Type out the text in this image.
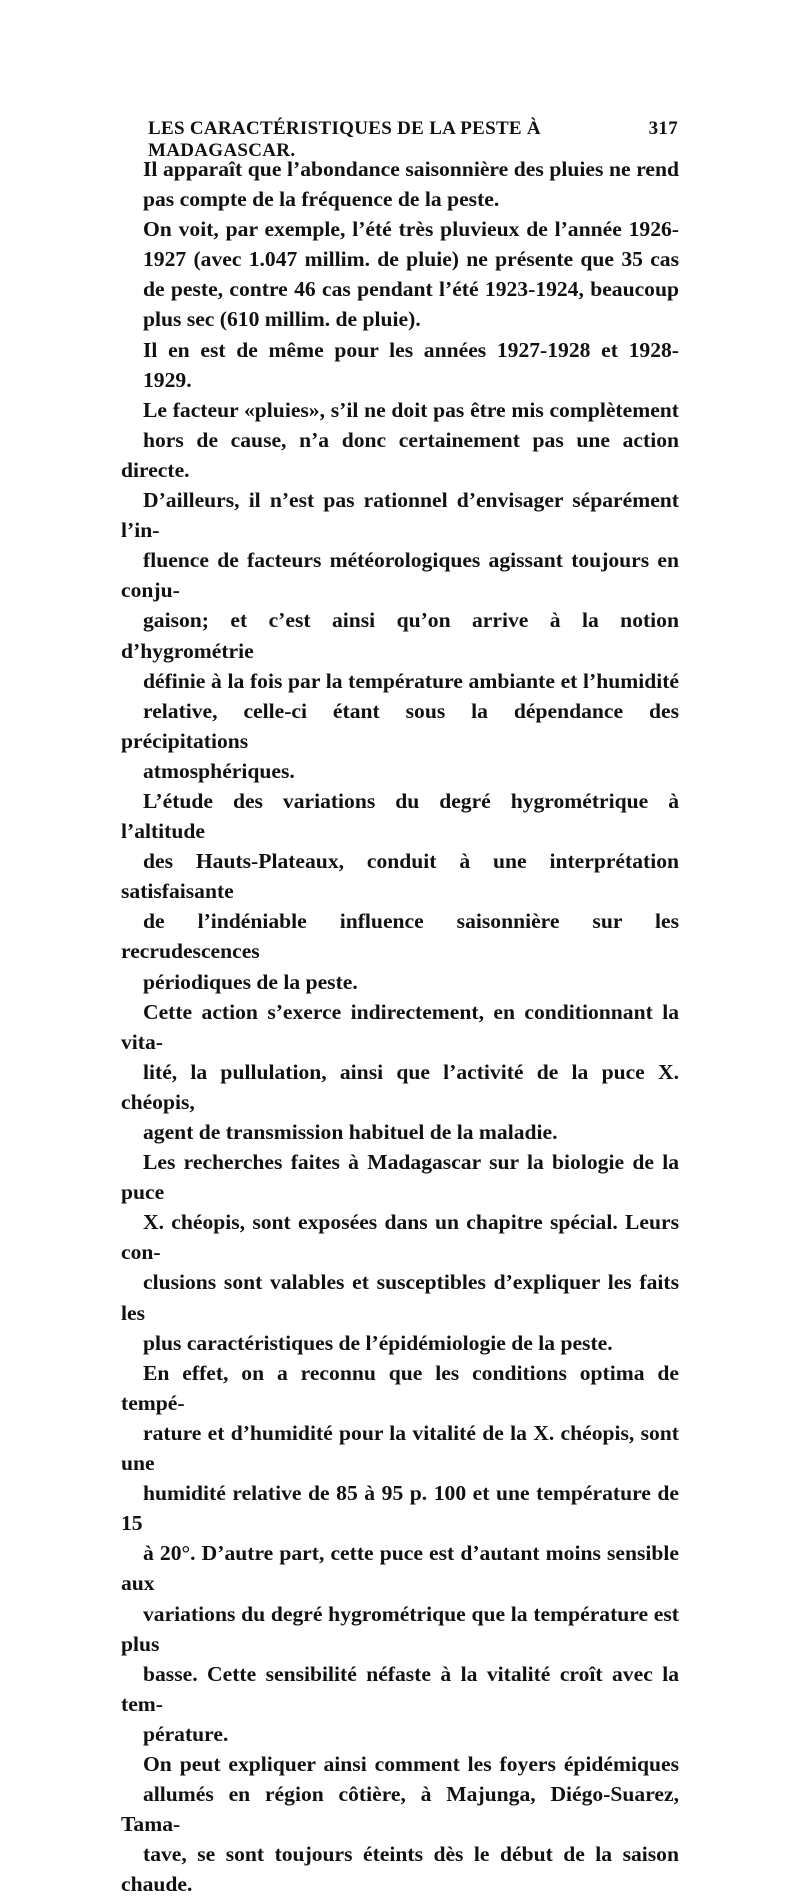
LES CARACTÉRISTIQUES DE LA PESTE À MADAGASCAR.
317

Il apparaît que l’abondance saisonnière des pluies ne rend
pas compte de la fréquence de la peste.

On voit, par exemple, l’été très pluvieux de l’année 1926-
1927 (avec 1.047 millim. de pluie) ne présente que 35 cas
de peste, contre 46 cas pendant l’été 1923-1924, beaucoup
plus sec (610 millim. de pluie).

Il en est de même pour les années 1927-1928 et 1928-
1929.

Le facteur «pluies», s’il ne doit pas être mis complètement
hors de cause, n’a donc certainement pas une action directe.

D’ailleurs, il n’est pas rationnel d’envisager séparément l’in-
fluence de facteurs météorologiques agissant toujours en conju-
gaison; et c’est ainsi qu’on arrive à la notion d’hygrométrie
définie à la fois par la température ambiante et l’humidité
relative, celle-ci étant sous la dépendance des précipitations
atmosphériques.

L’étude des variations du degré hygrométrique à l’altitude
des Hauts-Plateaux, conduit à une interprétation satisfaisante
de l’indéniable influence saisonnière sur les recrudescences
périodiques de la peste.

Cette action s’exerce indirectement, en conditionnant la vita-
lité, la pullulation, ainsi que l’activité de la puce X. chéopis,
agent de transmission habituel de la maladie.

Les recherches faites à Madagascar sur la biologie de la puce
X. chéopis, sont exposées dans un chapitre spécial. Leurs con-
clusions sont valables et susceptibles d’expliquer les faits les
plus caractéristiques de l’épidémiologie de la peste.

En effet, on a reconnu que les conditions optima de tempé-
rature et d’humidité pour la vitalité de la X. chéopis, sont une
humidité relative de 85 à 95 p. 100 et une température de 15
à 20°. D’autre part, cette puce est d’autant moins sensible aux
variations du degré hygrométrique que la température est plus
basse. Cette sensibilité néfaste à la vitalité croît avec la tem-
pérature.

On peut expliquer ainsi comment les foyers épidémiques
allumés en région côtière, à Majunga, Diégo-Suarez, Tama-
tave, se sont toujours éteints dès le début de la saison chaude.
